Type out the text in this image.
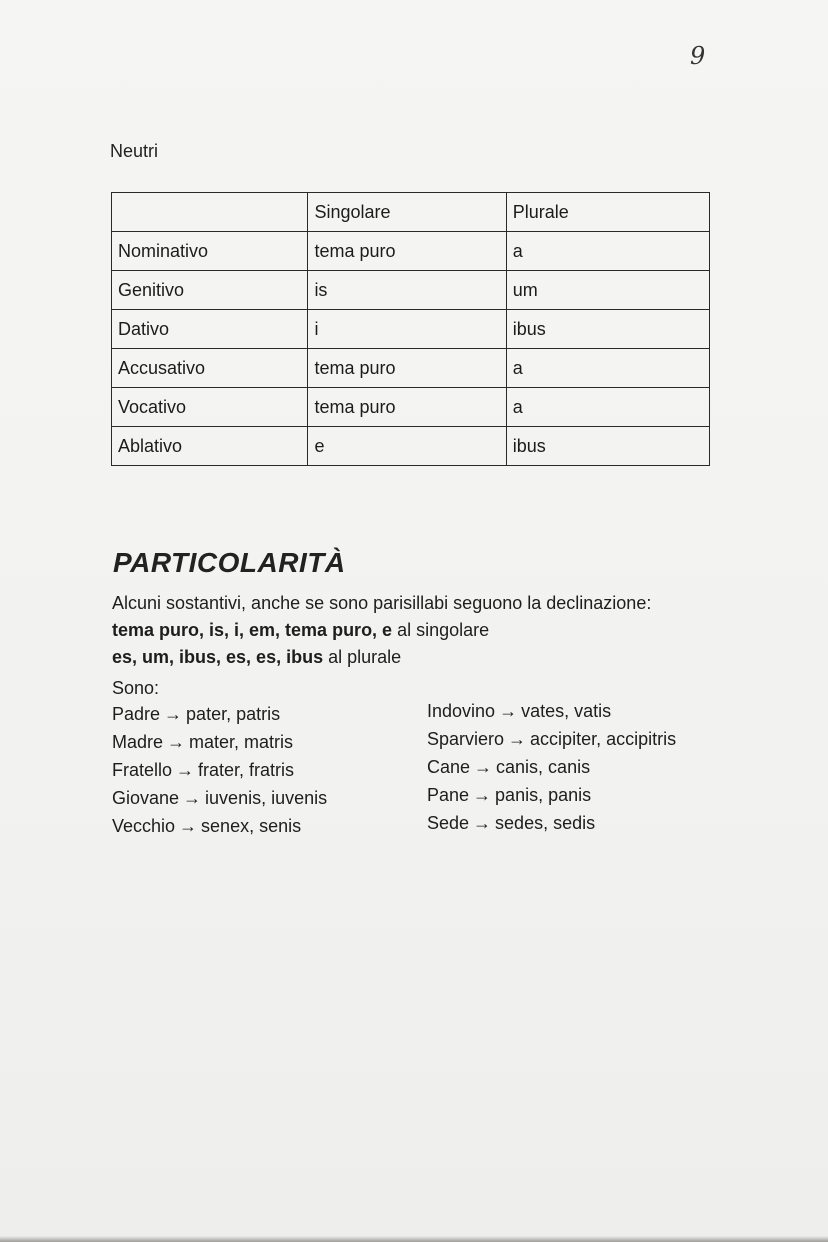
9
Neutri
	Singolare	Plurale
Nominativo	tema puro	a
Genitivo	is	um
Dativo	i	ibus
Accusativo	tema puro	a
Vocativo	tema puro	a
Ablativo	e	ibus
PARTICOLARITÀ
Alcuni sostantivi, anche se sono parisillabi seguono la declinazione:
tema puro, is, i, em, tema puro, e al singolare
es, um, ibus, es, es, ibus al plurale
Sono:
Padre → pater, patris
Madre → mater, matris
Fratello → frater, fratris
Giovane → iuvenis, iuvenis
Vecchio → senex, senis
Indovino → vates, vatis
Sparviero → accipiter, accipitris
Cane → canis, canis
Pane → panis, panis
Sede → sedes, sedis
